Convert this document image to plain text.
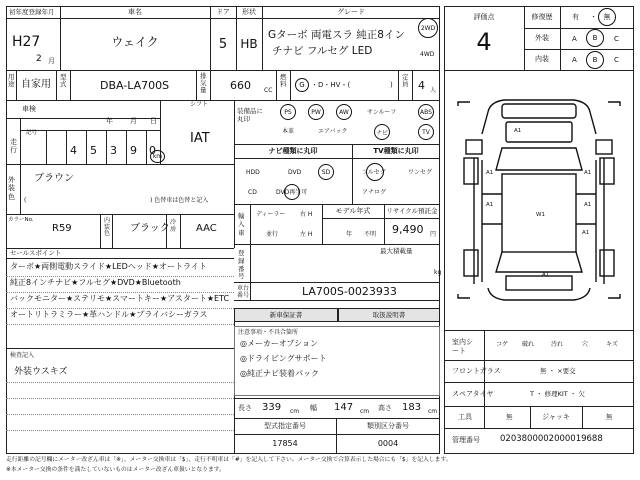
初年度登録年月
H27
2 月
車名
ウェイク
ドア
5
形状
HB
グレード
Gターボ 両電スラ 純正8イン
チナビ フルセグ LED
2WD
4WD
用途 自家用
型式	DBA-LA700S
排気量 660 CC
燃料	G ・D・HV・(	)
定員 4 人
車検
年 月 日
シフト
IAT
走行
記号
4 5 3 9 0
km
外装色
ブラウン
) 色替車は色替と記入
(
カラーNo.
R59
内装色 ブラック
冷房 AAC
装備品に丸印
PS	PW	AW	サンルーフ	ABS
本革	エアバック	ナビ	TV
ナビ種類に丸印
HDD	DVD	SD
CD	DVD再生可
TV種類に丸印
フルセグ	ワンセグ
アナログ
輸入車
ディーラー 右 H
並行	左 H
モデル年式
年 不明
リサイクル預託金
9,490 円
最大積載量
kg
登録番号
車台番号	LA700S-0023933
新車保証書	取扱説明書
セールスポイント
ターボ★両側電動スライド★LEDヘッド★オートライト
純正8インチナビ★フルセグ★DVD★Bluetooth
バックモニター★ステリモ★スマートキー★アスタート★ETC
オートリトラミラー★革ハンドル★プライバシーガラス
検査記入
外装ウスキズ
注意事項・不具合箇所
◎メーカーオプション
◎ドライビングサポート
◎純正ナビ装着パック
長さ 339 cm 幅 147 cm 高さ 183 cm
型式指定番号
17854
類別区分番号
0004
評価点
4
修復歴	有 ・ 無
外装	A	B	C
内装	A	B	C
A1
A1	A1
A1	A1
A1
W1
A1
室内シート
コゲ 破れ	汚れ	穴	キズ
フロントガラス	無 ・ ×要交
スペアタイヤ	T ・ 修理KIT ・ 欠
工具	無	ジャッキ	無
管理番号 0203800002000019688
走行距離の記号欄にメーター改ざん車は「※」、メーター交換車は「$」、走行不明車は「#」を記入して下さい。メーター交換で合算表示した場合にも「$」を記入します。
※本メーター交換の条件を満たしていないものはメーター改ざん車扱いとなります。
